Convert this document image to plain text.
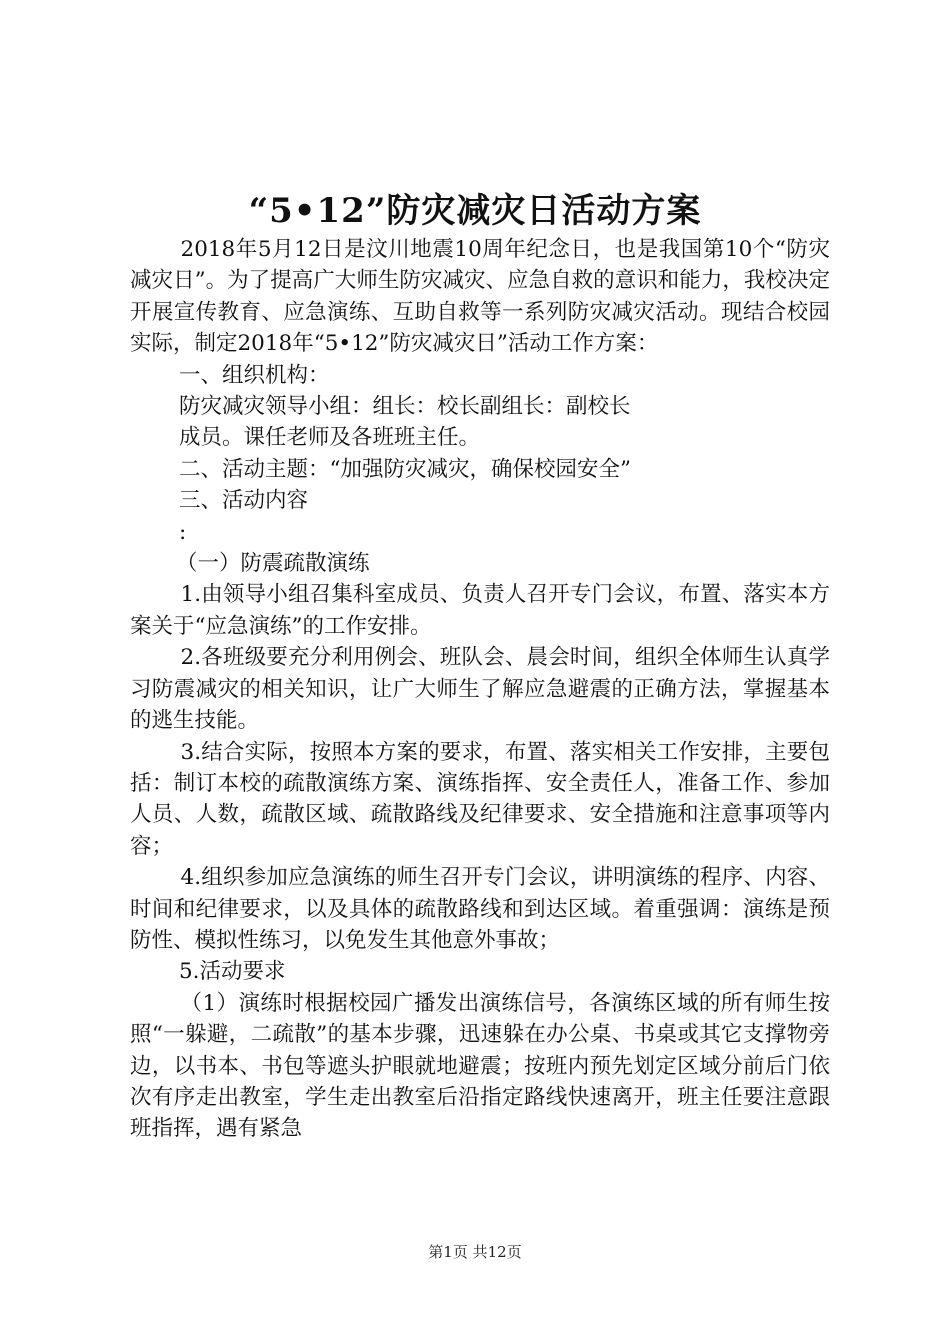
“5•12”防灾减灾日活动方案

2018年5月12日是汶川地震10周年纪念日，也是我国第10个“防灾减灾日”。为了提高广大师生防灾减灾、应急自救的意识和能力，我校决定开展宣传教育、应急演练、互助自救等一系列防灾减灾活动。现结合校园实际，制定2018年“5•12”防灾减灾日”活动工作方案：

一、组织机构：

防灾减灾领导小组：组长：校长副组长：副校长

成员。课任老师及各班班主任。

二、活动主题：“加强防灾减灾，确保校园安全”

三、活动内容

:

（一）防震疏散演练

1.由领导小组召集科室成员、负责人召开专门会议，布置、落实本方案关于“应急演练”的工作安排。

2.各班级要充分利用例会、班队会、晨会时间，组织全体师生认真学习防震减灾的相关知识，让广大师生了解应急避震的正确方法，掌握基本的逃生技能。

3.结合实际，按照本方案的要求，布置、落实相关工作安排，主要包括：制订本校的疏散演练方案、演练指挥、安全责任人，准备工作、参加人员、人数，疏散区域、疏散路线及纪律要求、安全措施和注意事项等内容；

4.组织参加应急演练的师生召开专门会议，讲明演练的程序、内容、时间和纪律要求，以及具体的疏散路线和到达区域。着重强调：演练是预防性、模拟性练习，以免发生其他意外事故；

5.活动要求

（1）演练时根据校园广播发出演练信号，各演练区域的所有师生按照“一躲避，二疏散”的基本步骤，迅速躲在办公桌、书桌或其它支撑物旁边，以书本、书包等遮头护眼就地避震；按班内预先划定区域分前后门依次有序走出教室，学生走出教室后沿指定路线快速离开，班主任要注意跟班指挥，遇有紧急

第1页 共12页
